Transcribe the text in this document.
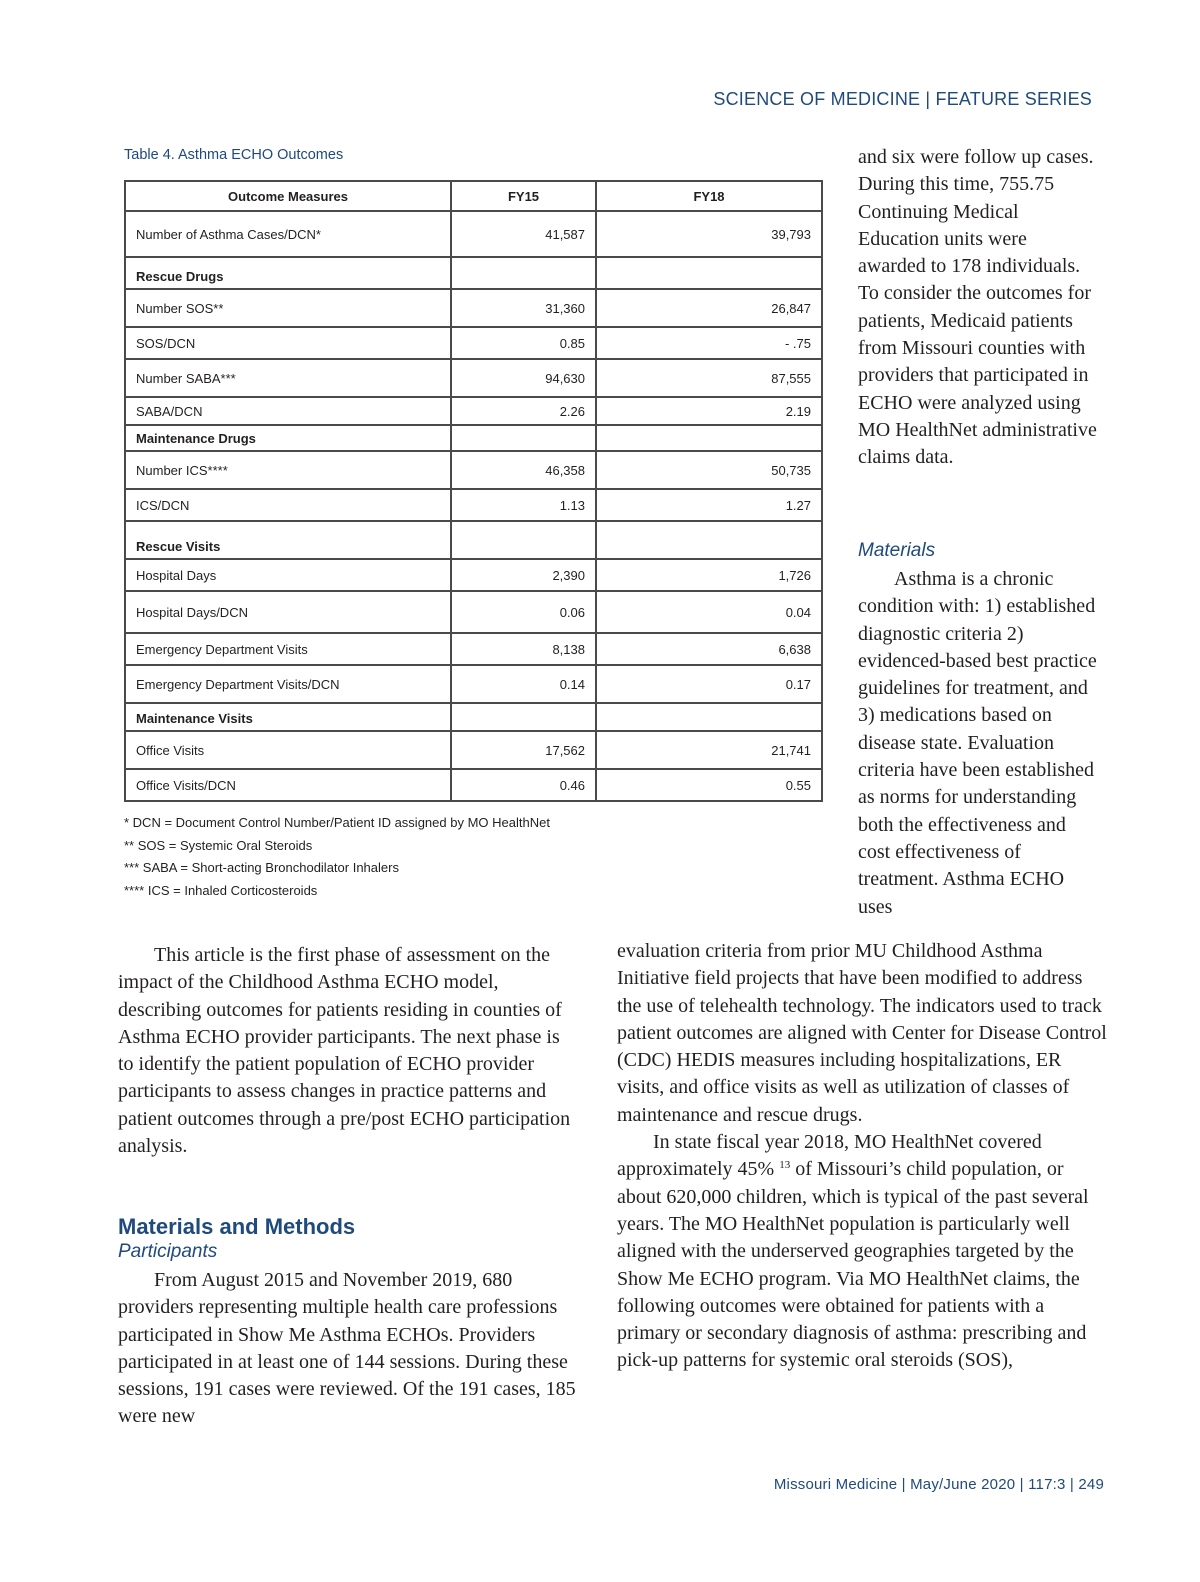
SCIENCE OF MEDICINE | FEATURE SERIES
Table 4. Asthma ECHO Outcomes
Outcome Measures	FY15	FY18
Number of Asthma Cases/DCN*	41,587	39,793
Rescue Drugs		
Number SOS**	31,360	26,847
SOS/DCN	0.85	- .75
Number SABA***	94,630	87,555
SABA/DCN	2.26	2.19
Maintenance Drugs		
Number ICS****	46,358	50,735
ICS/DCN	1.13	1.27
Rescue Visits		
Hospital Days	2,390	1,726
Hospital Days/DCN	0.06	0.04
Emergency Department Visits	8,138	6,638
Emergency Department Visits/DCN	0.14	0.17
Maintenance Visits		
Office Visits	17,562	21,741
Office Visits/DCN	0.46	0.55
* DCN = Document Control Number/Patient ID assigned by MO HealthNet
** SOS = Systemic Oral Steroids
*** SABA = Short-acting Bronchodilator Inhalers
**** ICS = Inhaled Corticosteroids

and six were follow up cases. During this time, 755.75 Continuing Medical Education units were awarded to 178 individuals. To consider the outcomes for patients, Medicaid patients from Missouri counties with providers that participated in ECHO were analyzed using MO HealthNet administrative claims data.

Materials

Asthma is a chronic condition with: 1) established diagnostic criteria 2) evidenced-based best practice guidelines for treatment, and 3) medications based on disease state. Evaluation criteria have been established as norms for understanding both the effectiveness and cost effectiveness of treatment. Asthma ECHO uses

This article is the first phase of assessment on the impact of the Childhood Asthma ECHO model, describing outcomes for patients residing in counties of Asthma ECHO provider participants. The next phase is to identify the patient population of ECHO provider participants to assess changes in practice patterns and patient outcomes through a pre/post ECHO participation analysis.

Materials and Methods
Participants

From August 2015 and November 2019, 680 providers representing multiple health care professions participated in Show Me Asthma ECHOs. Providers participated in at least one of 144 sessions. During these sessions, 191 cases were reviewed. Of the 191 cases, 185 were new

evaluation criteria from prior MU Childhood Asthma Initiative field projects that have been modified to address the use of telehealth technology. The indicators used to track patient outcomes are aligned with Center for Disease Control (CDC) HEDIS measures including hospitalizations, ER visits, and office visits as well as utilization of classes of maintenance and rescue drugs.

In state fiscal year 2018, MO HealthNet covered approximately 45% $^{13}$ of Missouri’s child population, or about 620,000 children, which is typical of the past several years. The MO HealthNet population is particularly well aligned with the underserved geographies targeted by the Show Me ECHO program. Via MO HealthNet claims, the following outcomes were obtained for patients with a primary or secondary diagnosis of asthma: prescribing and pick-up patterns for systemic oral steroids (SOS),

Missouri Medicine | May/June 2020 | 117:3 | 249
